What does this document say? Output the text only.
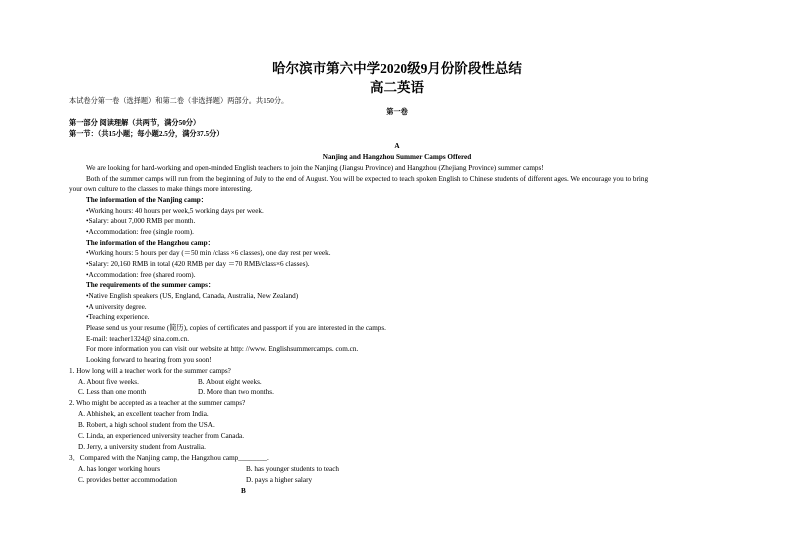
哈尔滨市第六中学2020级9月份阶段性总结
高二英语
本试卷分第一卷（选择题）和第二卷（非选择题）两部分。共150分。
第一卷
第一部分 阅读理解（共两节，满分50分）
第一节：（共15小题；每小题2.5分，满分37.5分）
A
Nanjing and Hangzhou Summer Camps Offered
We are looking for hard-working and open-minded English teachers to join the Nanjing (Jiangsu Province) and Hangzhou (Zhejiang Province) summer camps!
Both of the summer camps will run from the beginning of July to the end of August. You will be expected to teach spoken English to Chinese students of different ages. We encourage you to bring
your own culture to the classes to make things more interesting.
The information of the Nanjing camp：
•Working hours: 40 hours per week,5 working days per week.
•Salary: about 7,000 RMB per month.
•Accommodation: free (single room).
The information of the Hangzhou camp：
•Working hours: 5 hours per day (＝50 min /class ×6 classes), one day rest per week.
•Salary: 20,160 RMB in total (420 RMB per day ＝70 RMB/class×6 classes).
•Accommodation: free (shared room).
The requirements of the summer camps：
•Native English speakers (US, England, Canada, Australia, New Zealand)
•A university degree.
•Teaching experience.
Please send us your resume (简历), copies of certificates and passport if you are interested in the camps.
E-mail: teacher1324@ sina.com.cn.
For more information you can visit our website at http: //www. Englishsummercamps. com.cn.
Looking forward to hearing from you soon!
1. How long will a teacher work for the summer camps?
A. About five weeks.	B. About eight weeks.
C. Less than one month	D. More than two months.
2. Who might be accepted as a teacher at the summer camps?
A. Abhishek, an excellent teacher from India.
B. Robert, a high school student from the USA.
C. Linda, an experienced university teacher from Canada.
D. Jerry, a university student from Australia.
3．Compared with the Nanjing camp, the Hangzhou camp________.
A. has longer working hours	B. has younger students to teach
C. provides better accommodation	D. pays a higher salary
B
